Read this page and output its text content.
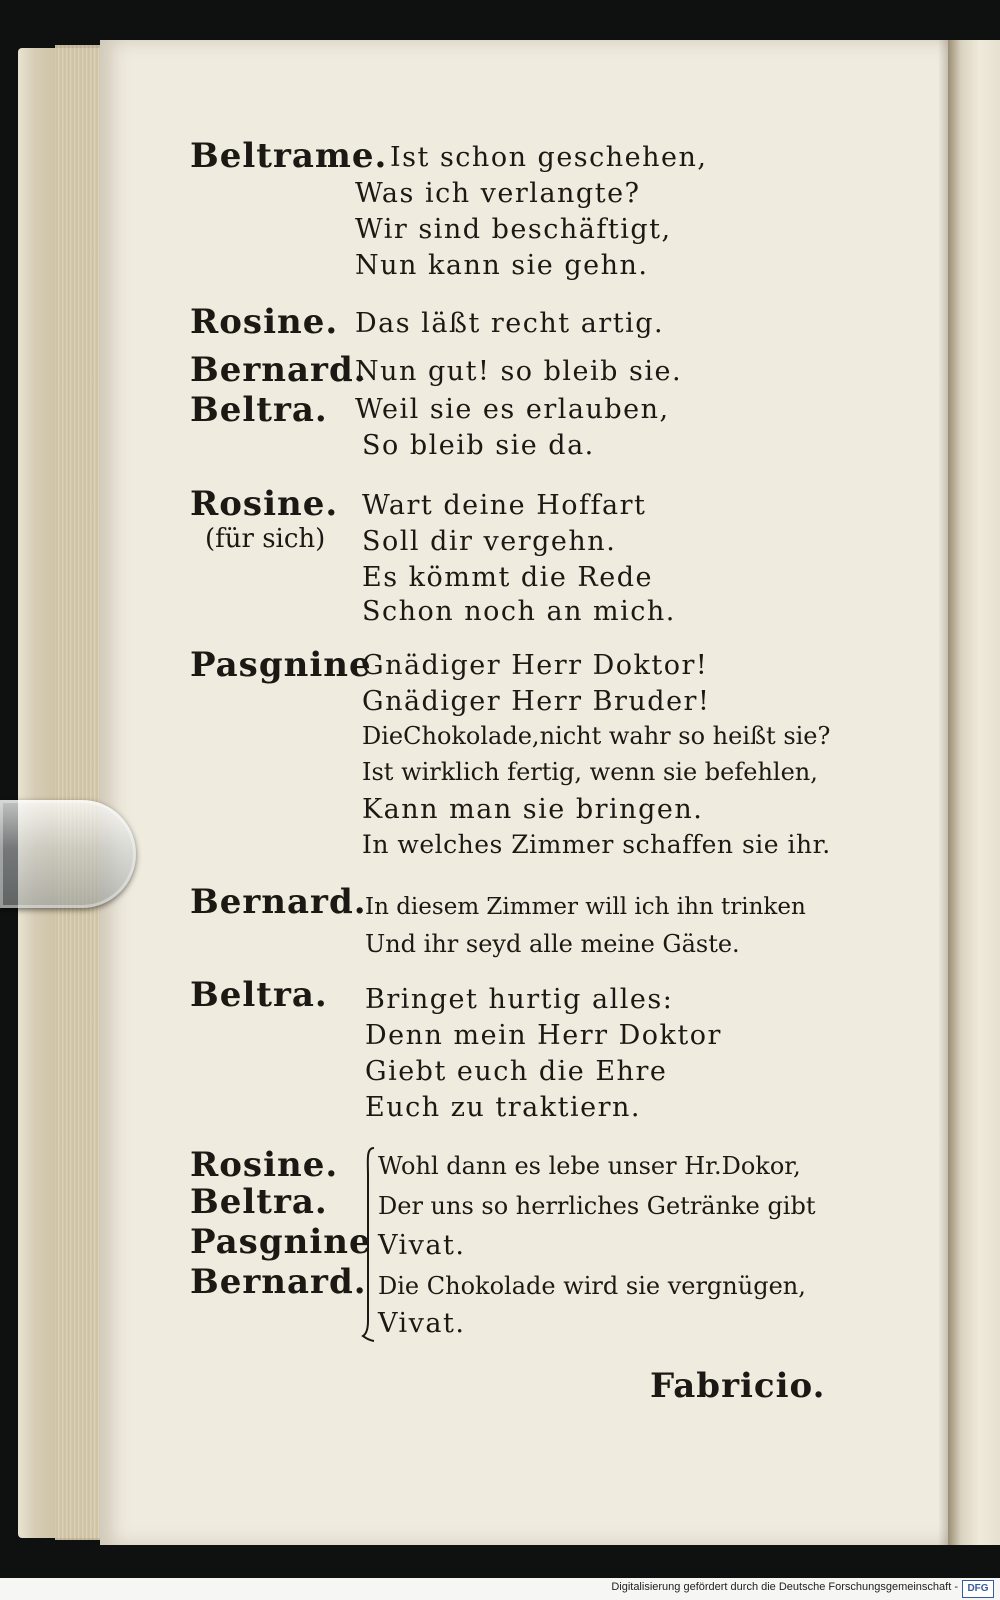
Beltrame. Ist schon geschehen,
Was ich verlangte?
Wir sind beschäftigt,
Nun kann sie gehn.
Rosine. Das läßt recht artig.
Bernard.
Nun gut! so bleib sie.
Beltra. Weil sie es erlauben,
So bleib sie da.
Rosine.
(für sich)
Wart deine Hoffart
Soll dir vergehn.
Es kömmt die Rede
Schon noch an mich.
Pasgnine
Gnädiger Herr Doktor!
Gnädiger Herr Bruder!
DieChokolade,nicht wahr so heißt sie?
Ist wirklich fertig, wenn sie befehlen,
Kann man sie bringen.
In welches Zimmer schaffen sie ihr.
Bernard.
In diesem Zimmer will ich ihn trinken
Und ihr seyd alle meine Gäste.
Beltra. Bringet hurtig alles:
Denn mein Herr Doktor
Giebt euch die Ehre
Euch zu traktiern.
Rosine.
Beltra.
Pasgnine
Bernard.
Wohl dann es lebe unser Hr.Dokor,
Der uns so herrliches Getränke gibt
Vivat.
Die Chokolade wird sie vergnügen,
Vivat.
Fabricio.
Digitalisierung gefördert durch die Deutsche Forschungsgemeinschaft - DFG
